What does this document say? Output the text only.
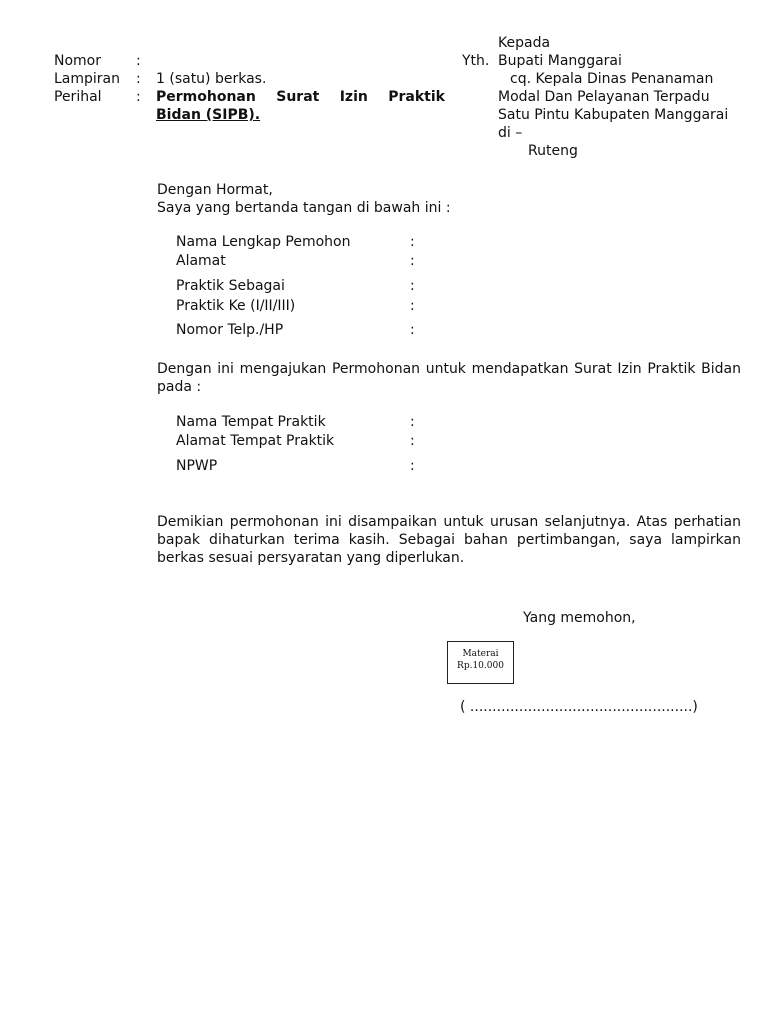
Nomor	:
Lampiran : 1 (satu) berkas.
Perihal : Permohonan Surat Izin Praktik
Bidan (SIPB).
Kepada
Yth. Bupati Manggarai
cq. Kepala Dinas Penanaman
Modal Dan Pelayanan Terpadu
Satu Pintu Kabupaten Manggarai
di –
Ruteng
Dengan Hormat,
Saya yang bertanda tangan di bawah ini :
Nama Lengkap Pemohon	:
Alamat	:
Praktik Sebagai	:
Praktik Ke (I/II/III)	:
Nomor Telp./HP	:
Dengan ini mengajukan Permohonan untuk mendapatkan Surat Izin Praktik Bidan pada :
Nama Tempat Praktik	:
Alamat Tempat Praktik	:
NPWP	:
Demikian permohonan ini disampaikan untuk urusan selanjutnya. Atas perhatian bapak dihaturkan terima kasih. Sebagai bahan pertimbangan, saya lampirkan berkas sesuai persyaratan yang diperlukan.
Yang memohon,
Materai
Rp.10.000
( ..................................................)
